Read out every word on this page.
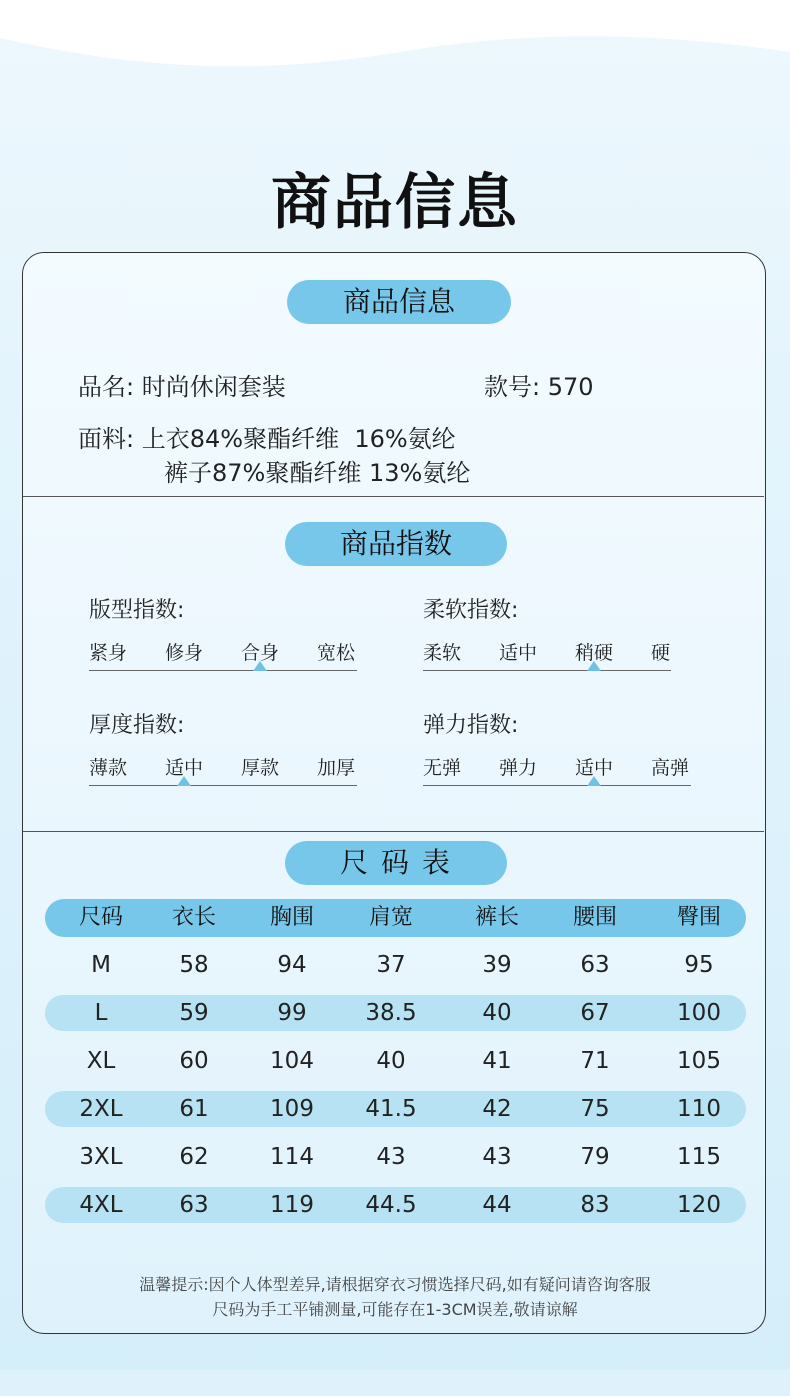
商品信息
商品信息
品名: 时尚休闲套装	款号: 570
面料: 上衣84%聚酯纤维  16%氨纶
裤子87%聚酯纤维 13%氨纶
商品指数
版型指数:
紧身 修身 合身 宽松
柔软指数:
柔软 适中 稍硬 硬
厚度指数:
薄款 适中 厚款 加厚
弹力指数:
无弹 弹力 适中 高弹
尺 码 表
尺码	衣长	胸围	肩宽	裤长	腰围	臀围
M	58	94	37	39	63	95
L	59	99	38.5	40	67	100
XL	60	104	40	41	71	105
2XL	61	109	41.5	42	75	110
3XL	62	114	43	43	79	115
4XL	63	119	44.5	44	83	120
温馨提示:因个人体型差异,请根据穿衣习惯选择尺码,如有疑问请咨询客服
尺码为手工平铺测量,可能存在1-3CM误差,敬请谅解
